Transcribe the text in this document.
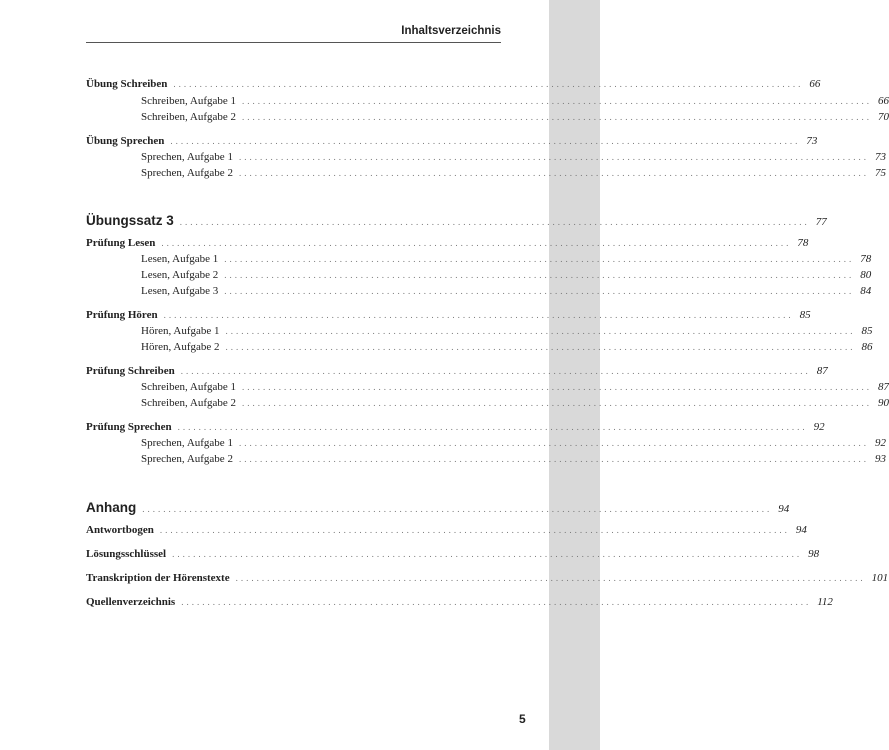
Inhaltsverzeichnis
Übung Schreiben ........................................................................................................................ 66
Schreiben, Aufgabe 1 ........................................................................................................................ 66
Schreiben, Aufgabe 2 ........................................................................................................................ 70
Übung Sprechen ........................................................................................................................ 73
Sprechen, Aufgabe 1 ........................................................................................................................ 73
Sprechen, Aufgabe 2 ........................................................................................................................ 75
Übungssatz 3 ........................................................................................................................ 77
Prüfung Lesen ........................................................................................................................ 78
Lesen, Aufgabe 1 ........................................................................................................................ 78
Lesen, Aufgabe 2 ........................................................................................................................ 80
Lesen, Aufgabe 3 ........................................................................................................................ 84
Prüfung Hören ........................................................................................................................ 85
Hören, Aufgabe 1 ........................................................................................................................ 85
Hören, Aufgabe 2 ........................................................................................................................ 86
Prüfung Schreiben ........................................................................................................................ 87
Schreiben, Aufgabe 1 ........................................................................................................................ 87
Schreiben, Aufgabe 2 ........................................................................................................................ 90
Prüfung Sprechen ........................................................................................................................ 92
Sprechen, Aufgabe 1 ........................................................................................................................ 92
Sprechen, Aufgabe 2 ........................................................................................................................ 93
Anhang ........................................................................................................................ 94
Antwortbogen ........................................................................................................................ 94
Lösungsschlüssel ........................................................................................................................ 98
Transkription der Hörenstexte ........................................................................................................................ 101
Quellenverzeichnis ........................................................................................................................ 112
5
